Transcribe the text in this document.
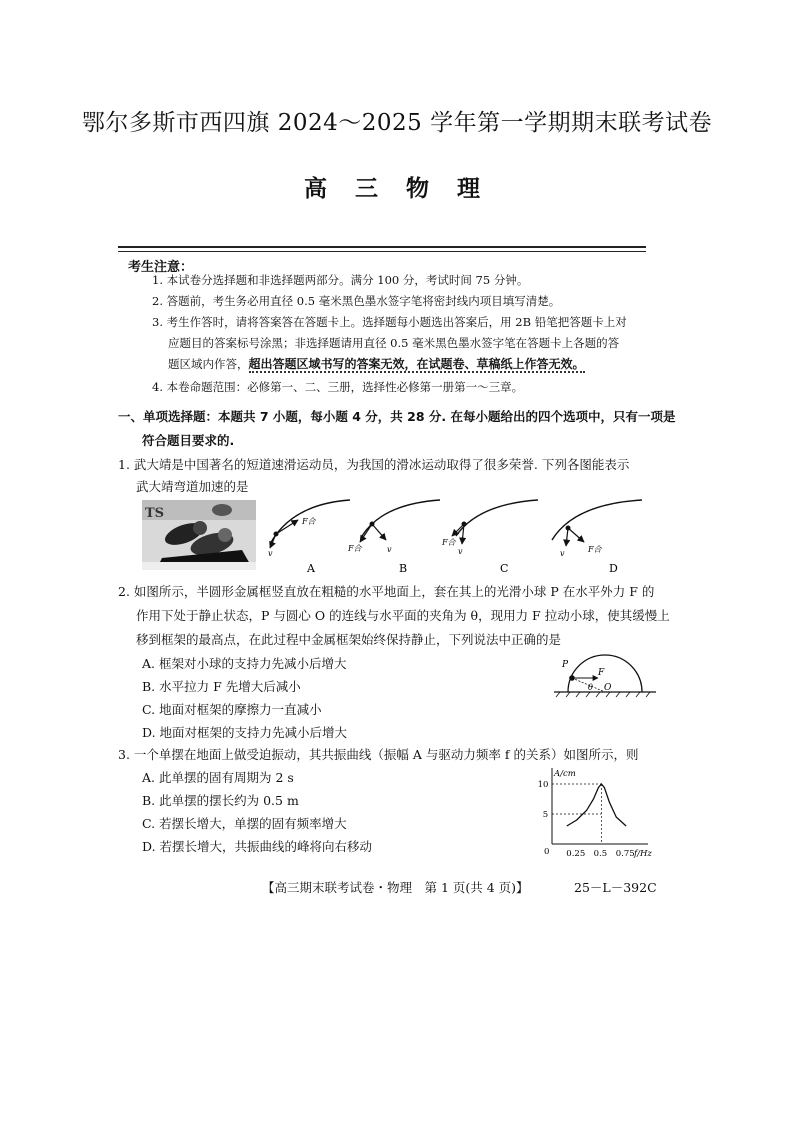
鄂尔多斯市西四旗 2024～2025 学年第一学期期末联考试卷
高 三 物 理
考生注意：
1. 本试卷分选择题和非选择题两部分。满分 100 分，考试时间 75 分钟。
2. 答题前，考生务必用直径 0.5 毫米黑色墨水签字笔将密封线内项目填写清楚。
3. 考生作答时，请将答案答在答题卡上。选择题每小题选出答案后，用 2B 铅笔把答题卡上对
应题目的答案标号涂黑；非选择题请用直径 0.5 毫米黑色墨水签字笔在答题卡上各题的答
题区域内作答，超出答题区域书写的答案无效，在试题卷、草稿纸上作答无效。
4. 本卷命题范围：必修第一、二、三册，选择性必修第一册第一～三章。
一、单项选择题：本题共 7 小题，每小题 4 分，共 28 分. 在每小题给出的四个选项中，只有一项是
符合题目要求的.
1. 武大靖是中国著名的短道速滑运动员，为我国的滑冰运动取得了很多荣誉. 下列各图能表示
武大靖弯道加速的是
TS
F合
v
A
F合	v
B
F合
v
C
v	F合
D
2. 如图所示，半圆形金属框竖直放在粗糙的水平地面上，套在其上的光滑小球 P 在水平外力 F 的
作用下处于静止状态，P 与圆心 O 的连线与水平面的夹角为 θ，现用力 F 拉动小球，使其缓慢上
移到框架的最高点，在此过程中金属框架始终保持静止，下列说法中正确的是
A. 框架对小球的支持力先减小后增大
B. 水平拉力 F 先增大后减小
C. 地面对框架的摩擦力一直减小
D. 地面对框架的支持力先减小后增大
P
F
θ O
3. 一个单摆在地面上做受迫振动，其共振曲线（振幅 A 与驱动力频率 f 的关系）如图所示，则
A. 此单摆的固有周期为 2 s
B. 此单摆的摆长约为 0.5 m
C. 若摆长增大，单摆的固有频率增大
D. 若摆长增大，共振曲线的峰将向右移动
A/cm
f/Hz
0
5
10
0.25 0.5 0.75
【高三期末联考试卷・物理　第 1 页(共 4 页)】	25－L－392C
